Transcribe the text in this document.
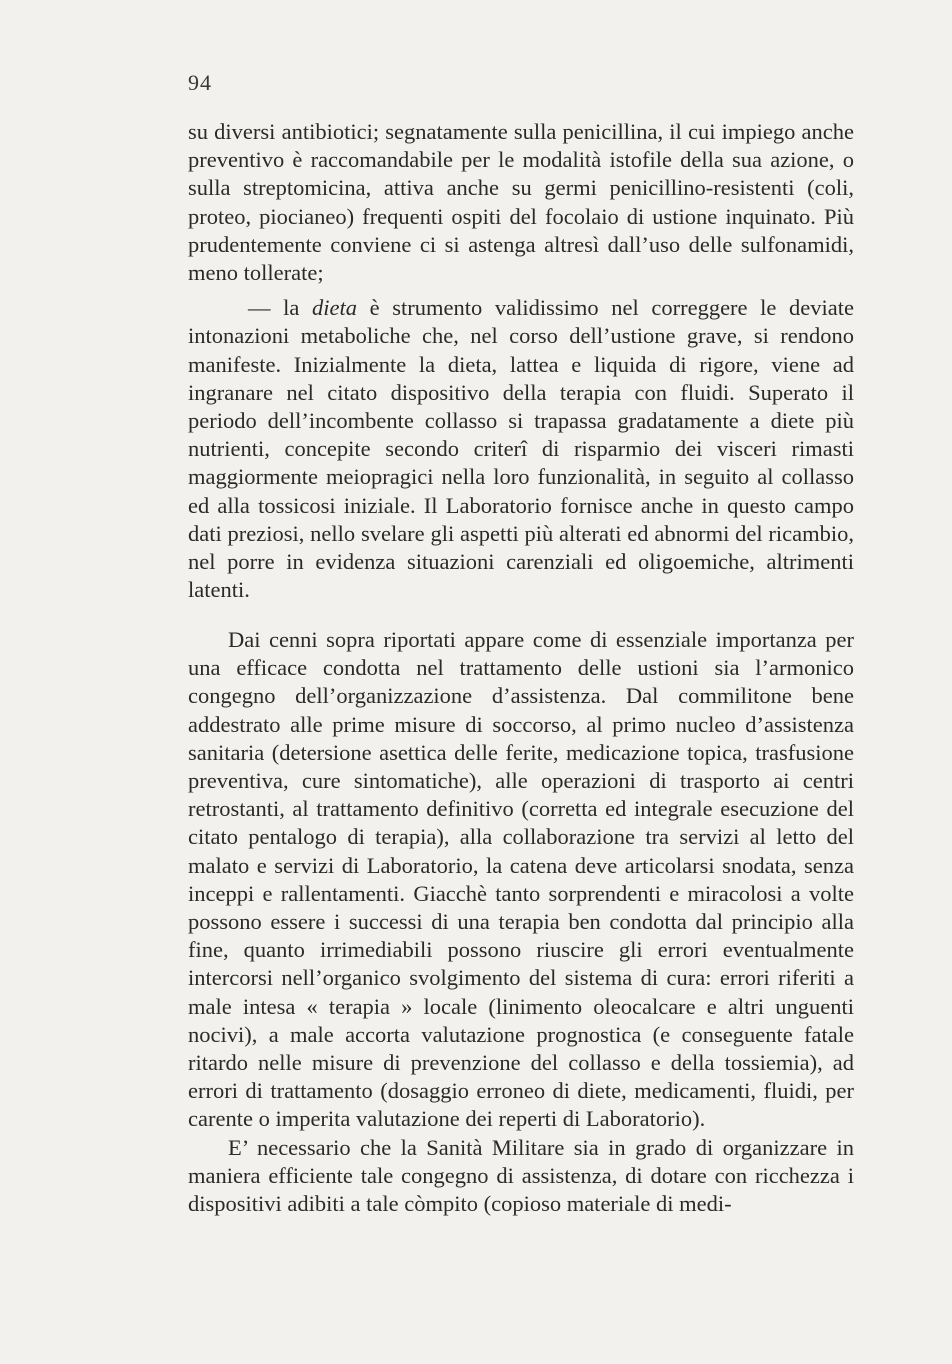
94

su diversi antibiotici; segnatamente sulla penicillina, il cui impiego anche preventivo è raccomandabile per le modalità istofile della sua azione, o sulla streptomicina, attiva anche su germi penicillino-resistenti (coli, proteo, piocianeo) frequenti ospiti del focolaio di ustione inquinato. Più prudentemente conviene ci si astenga altresì dall’uso delle sulfonamidi, meno tollerate;

— la dieta è strumento validissimo nel correggere le deviate intonazioni metaboliche che, nel corso dell’ustione grave, si rendono manifeste. Inizialmente la dieta, lattea e liquida di rigore, viene ad ingranare nel citato dispositivo della terapia con fluidi. Superato il periodo dell’incombente collasso si trapassa gradatamente a diete più nutrienti, concepite secondo criterî di risparmio dei visceri rimasti maggiormente meiopragici nella loro funzionalità, in seguito al collasso ed alla tossicosi iniziale. Il Laboratorio fornisce anche in questo campo dati preziosi, nello svelare gli aspetti più alterati ed abnormi del ricambio, nel porre in evidenza situazioni carenziali ed oligoemiche, altrimenti latenti.

Dai cenni sopra riportati appare come di essenziale importanza per una efficace condotta nel trattamento delle ustioni sia l’armonico congegno dell’organizzazione d’assistenza. Dal commilitone bene addestrato alle prime misure di soccorso, al primo nucleo d’assistenza sanitaria (detersione asettica delle ferite, medicazione topica, trasfusione preventiva, cure sintomatiche), alle operazioni di trasporto ai centri retrostanti, al trattamento definitivo (corretta ed integrale esecuzione del citato pentalogo di terapia), alla collaborazione tra servizi al letto del malato e servizi di Laboratorio, la catena deve articolarsi snodata, senza inceppi e rallentamenti. Giacchè tanto sorprendenti e miracolosi a volte possono essere i successi di una terapia ben condotta dal principio alla fine, quanto irrimediabili possono riuscire gli errori eventualmente intercorsi nell’organico svolgimento del sistema di cura: errori riferiti a male intesa « terapia » locale (linimento oleocalcare e altri unguenti nocivi), a male accorta valutazione prognostica (e conseguente fatale ritardo nelle misure di prevenzione del collasso e della tossiemia), ad errori di trattamento (dosaggio erroneo di diete, medicamenti, fluidi, per carente o imperita valutazione dei reperti di Laboratorio).

E’ necessario che la Sanità Militare sia in grado di organizzare in maniera efficiente tale congegno di assistenza, di dotare con ricchezza i dispositivi adibiti a tale còmpito (copioso materiale di medi-
